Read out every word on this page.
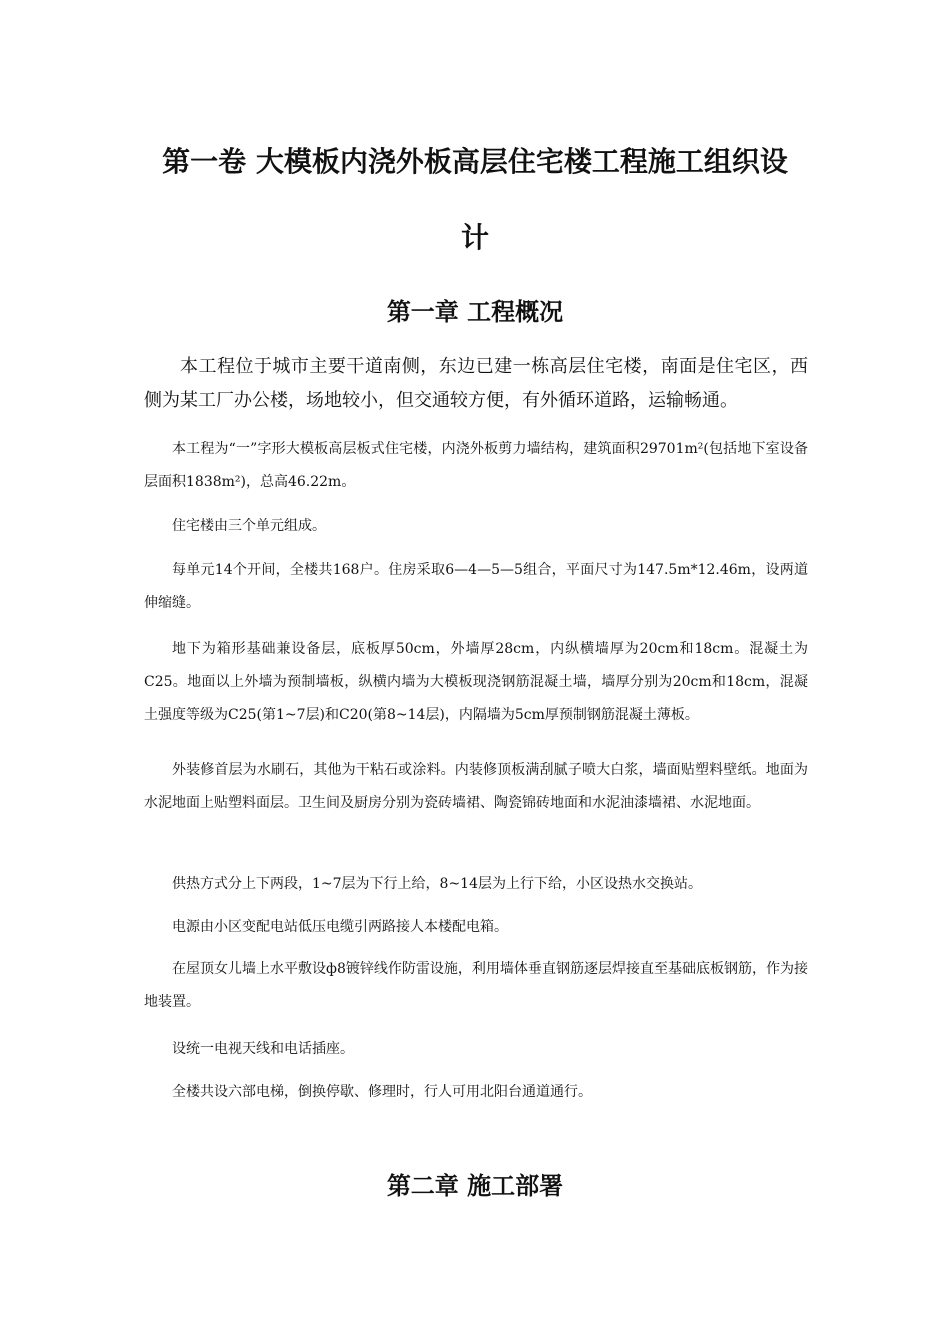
第一卷 大模板内浇外板高层住宅楼工程施工组织设
计
第一章 工程概况

本工程位于城市主要干道南侧，东边已建一栋高层住宅楼，南面是住宅区，西侧为某工厂办公楼，场地较小，但交通较方便，有外循环道路，运输畅通。

本工程为“一”字形大模板高层板式住宅楼，内浇外板剪力墙结构，建筑面积29701m²(包括地下室设备层面积1838m²)，总高46.22m。

住宅楼由三个单元组成。

每单元14个开间，全楼共168户。住房采取6—4—5—5组合，平面尺寸为147.5m*12.46m，设两道伸缩缝。

地下为箱形基础兼设备层，底板厚50cm，外墙厚28cm，内纵横墙厚为20cm和18cm。混凝土为C25。地面以上外墙为预制墙板，纵横内墙为大模板现浇钢筋混凝土墙，墙厚分别为20cm和18cm，混凝土强度等级为C25(第1~7层)和C20(第8~14层)，内隔墙为5cm厚预制钢筋混凝土薄板。

外装修首层为水刷石，其他为干粘石或涂料。内装修顶板满刮腻子喷大白浆，墙面贴塑料壁纸。地面为水泥地面上贴塑料面层。卫生间及厨房分别为瓷砖墙裙、陶瓷锦砖地面和水泥油漆墙裙、水泥地面。

供热方式分上下两段，1~7层为下行上给，8~14层为上行下给，小区设热水交换站。

电源由小区变配电站低压电缆引两路接人本楼配电箱。

在屋顶女儿墙上水平敷设ф8镀锌线作防雷设施，利用墙体垂直钢筋逐层焊接直至基础底板钢筋，作为接地装置。

设统一电视天线和电话插座。

全楼共设六部电梯，倒换停歇、修理时，行人可用北阳台通道通行。

第二章 施工部署
